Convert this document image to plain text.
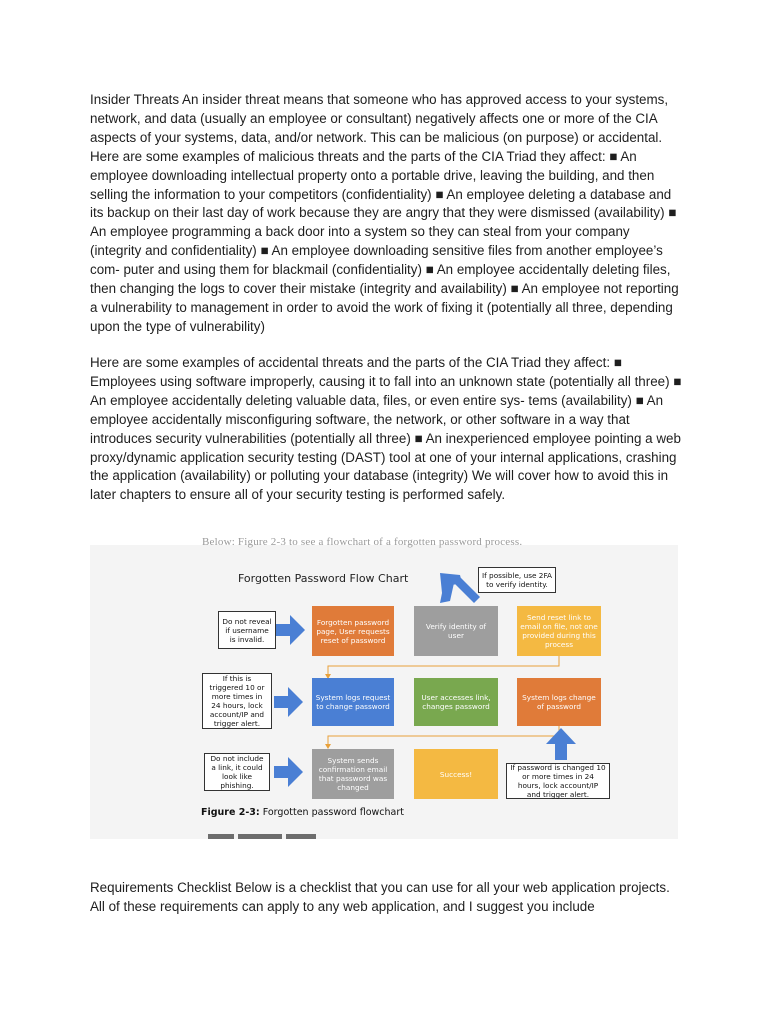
Insider Threats An insider threat means that someone who has approved access to your systems, network, and data (usually an employee or consultant) negatively affects one or more of the CIA aspects of your systems, data, and/or network. This can be malicious (on purpose) or accidental. Here are some examples of malicious threats and the parts of the CIA Triad they affect: ■ An employee downloading intellectual property onto a portable drive, leaving the building, and then selling the information to your competitors (confidentiality) ■ An employee deleting a database and its backup on their last day of work because they are angry that they were dismissed (availability) ■ An employee programming a back door into a system so they can steal from your company (integrity and confidentiality) ■ An employee downloading sensitive files from another employee’s com- puter and using them for blackmail (confidentiality) ■ An employee accidentally deleting files, then changing the logs to cover their mistake (integrity and availability) ■ An employee not reporting a vulnerability to management in order to avoid the work of fixing it (potentially all three, depending upon the type of vulnerability)

Here are some examples of accidental threats and the parts of the CIA Triad they affect: ■ Employees using software improperly, causing it to fall into an unknown state (potentially all three) ■ An employee accidentally deleting valuable data, files, or even entire sys- tems (availability) ■ An employee accidentally misconfiguring software, the network, or other software in a way that introduces security vulnerabilities (potentially all three) ■ An inexperienced employee pointing a web proxy/dynamic application security testing (DAST) tool at one of your internal applications, crashing the application (availability) or polluting your database (integrity) We will cover how to avoid this in later chapters to ensure all of your security testing is performed safely.

Below: Figure 2-3 to see a flowchart of a forgotten password process.
Forgotten Password Flow Chart	If possible, use 2FA to verify identity.
Do not reveal if username is invalid.
Forgotten password page, User requests reset of password
Verify identity of user
Send reset link to email on file, not one provided during this process
If this is triggered 10 or more times in 24 hours, lock account/IP and trigger alert.
System logs request to change password
User accesses link, changes password
System logs change of password
Do not include a link, it could look like phishing.
System sends confirmation email that password was changed
Success!
If password is changed 10 or more times in 24 hours, lock account/IP and trigger alert.
Figure 2-3: Forgotten password flowchart

Requirements Checklist Below is a checklist that you can use for all your web application projects. All of these requirements can apply to any web application, and I suggest you include
